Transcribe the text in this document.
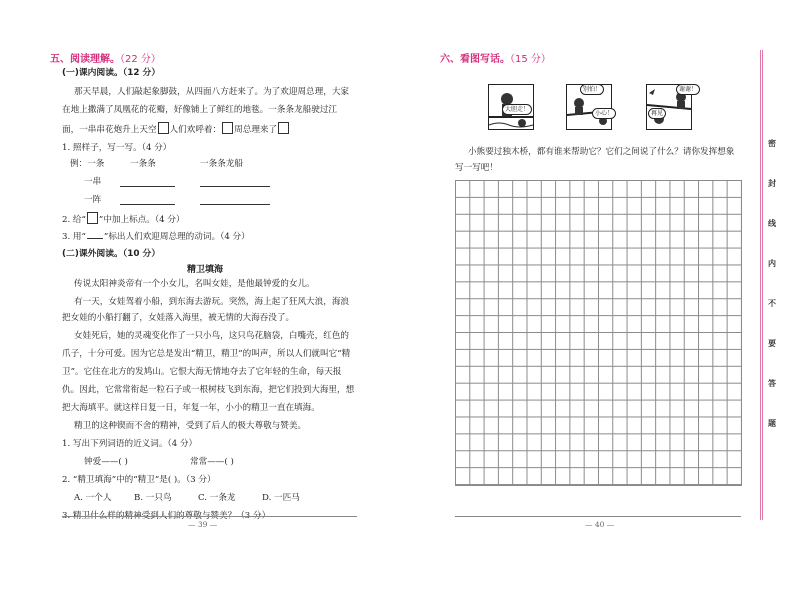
五、阅读理解。（22 分）
(一)课内阅读。（12 分）
那天早晨，人们敲起象脚鼓，从四面八方赶来了。为了欢迎周总理，大家
在地上撒满了凤凰花的花瓣，好像铺上了鲜红的地毯。一条条龙船驶过江
面，一串串花炮升上天空 人们欢呼着： 周总理来了
1. 照样子，写一写。（4 分）
例：一条	一条条	一条条龙船
一串
一阵
2. 给“ ”中加上标点。（4 分）
3. 用“ ”标出人们欢迎周总理的动词。（4 分）
(二)课外阅读。（10 分）
精卫填海
传说太阳神炎帝有一个小女儿，名叫女娃，是他最钟爱的女儿。
有一天，女娃驾着小船，到东海去游玩。突然，海上起了狂风大浪，海浪
把女娃的小船打翻了，女娃落入海里，被无情的大海吞没了。
女娃死后，她的灵魂变化作了一只小鸟，这只鸟花脑袋，白嘴壳，红色的
爪子，十分可爱。因为它总是发出“精卫，精卫”的叫声，所以人们就叫它“精
卫”。它住在北方的发鸠山。它恨大海无情地夺去了它年轻的生命，每天报
仇。因此，它常常衔起一粒石子或一根树枝飞到东海，把它们投到大海里，想
把大海填平。就这样日复一日，年复一年，小小的精卫一直在填海。
精卫的这种锲而不舍的精神，受到了后人的极大尊敬与赞美。
1. 写出下列词语的近义词。（4 分）
钟爱——( )	常常——( )
2. “精卫填海”中的“精卫”是( )。（3 分）
A. 一个人	B. 一只鸟	C. 一条龙	D. 一匹马
3. 精卫什么样的精神受到人们的尊敬与赞美？（3 分）
— 39 —
六、看图写话。（15 分）
大胆走！
别怕！
小心！
谢谢！
再见
小熊要过独木桥，都有谁来帮助它？它们之间说了什么？请你发挥想象
写一写吧！
— 40 —
密
封
线
内
不
要
答
题
